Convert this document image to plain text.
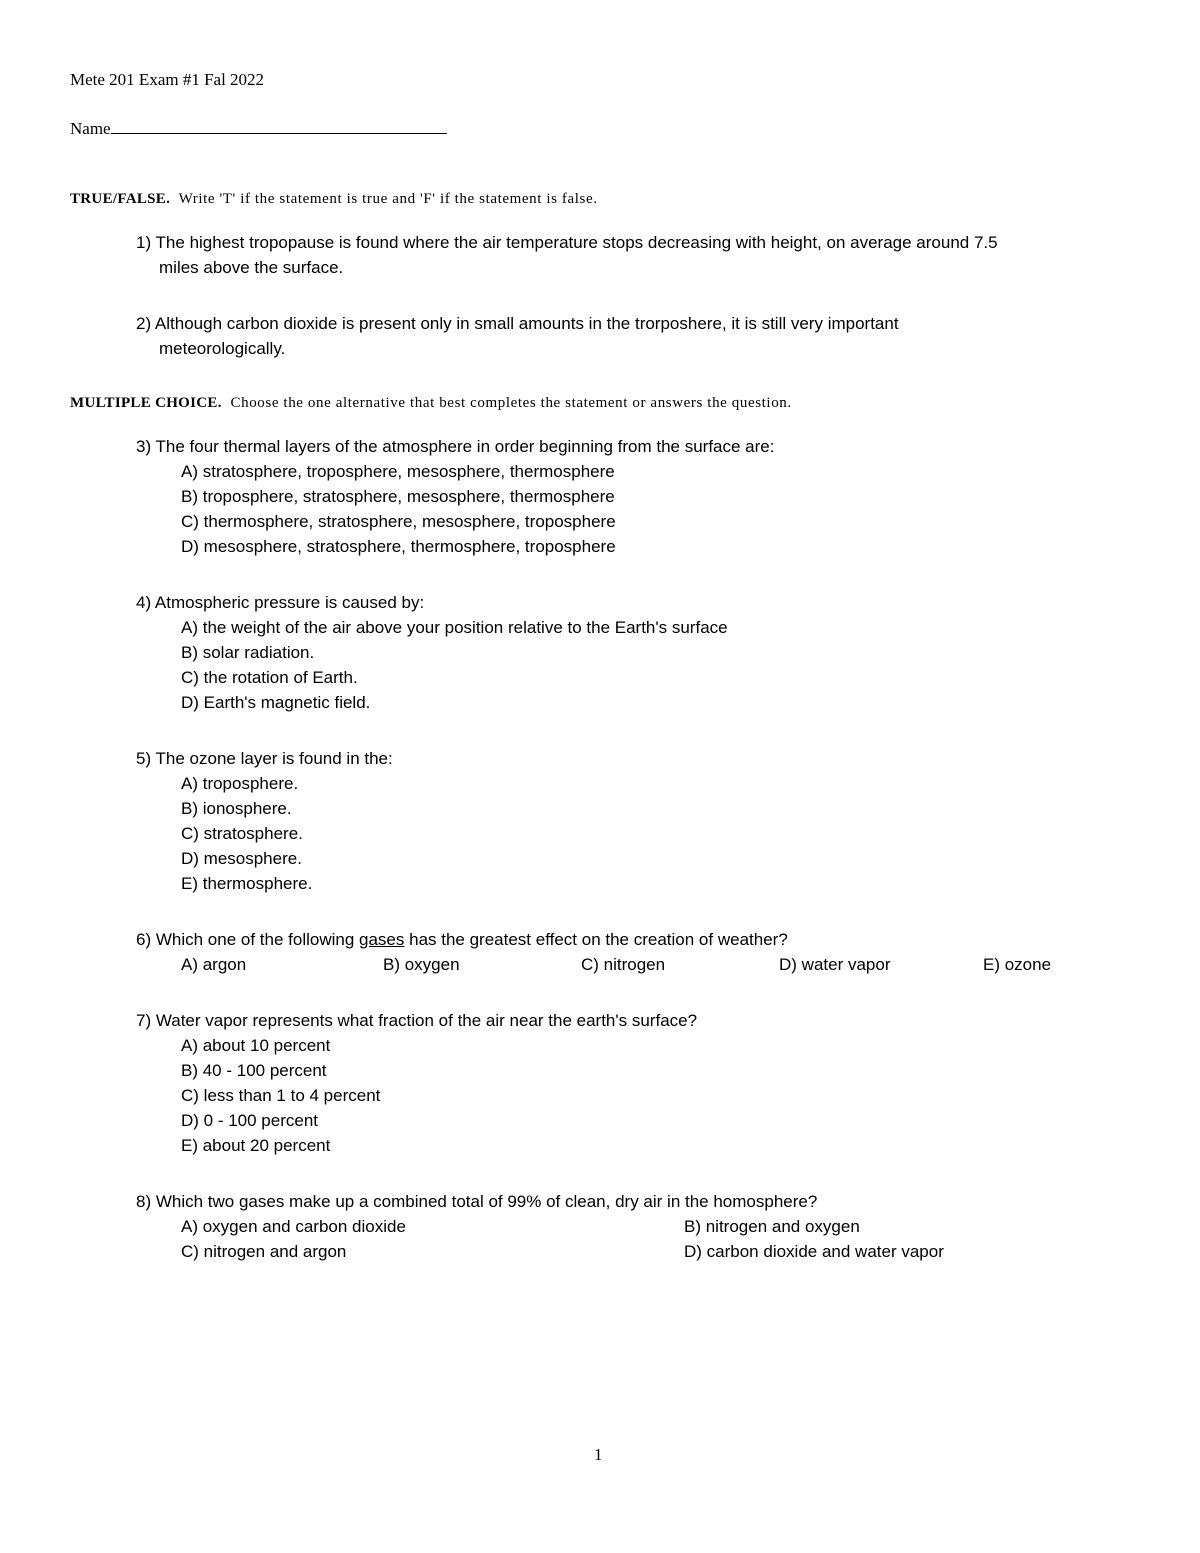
Mete 201 Exam #1 Fal 2022
Name
TRUE/FALSE. Write 'T' if the statement is true and 'F' if the statement is false.
1) The highest tropopause is found where the air temperature stops decreasing with height, on average around 7.5
miles above the surface.
2) Although carbon dioxide is present only in small amounts in the trorposhere, it is still very important
meteorologically.
MULTIPLE CHOICE. Choose the one alternative that best completes the statement or answers the question.
3) The four thermal layers of the atmosphere in order beginning from the surface are:
A) stratosphere, troposphere, mesosphere, thermosphere
B) troposphere, stratosphere, mesosphere, thermosphere
C) thermosphere, stratosphere, mesosphere, troposphere
D) mesosphere, stratosphere, thermosphere, troposphere
4) Atmospheric pressure is caused by:
A) the weight of the air above your position relative to the Earth's surface
B) solar radiation.
C) the rotation of Earth.
D) Earth's magnetic field.
5) The ozone layer is found in the:
A) troposphere.
B) ionosphere.
C) stratosphere.
D) mesosphere.
E) thermosphere.
6) Which one of the following gases has the greatest effect on the creation of weather?
A) argon	B) oxygen	C) nitrogen	D) water vapor	E) ozone
7) Water vapor represents what fraction of the air near the earth's surface?
A) about 10 percent
B) 40 - 100 percent
C) less than 1 to 4 percent
D) 0 - 100 percent
E) about 20 percent
8) Which two gases make up a combined total of 99% of clean, dry air in the homosphere?
A) oxygen and carbon dioxide	B) nitrogen and oxygen
C) nitrogen and argon	D) carbon dioxide and water vapor
1
